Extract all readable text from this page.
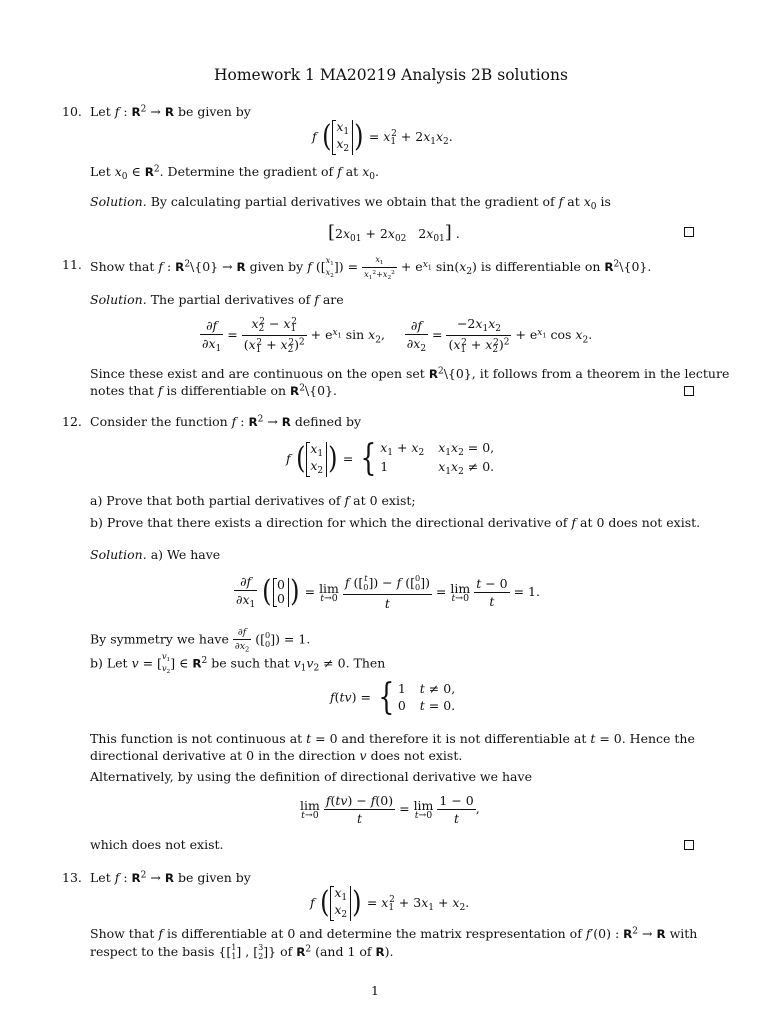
Homework 1 MA20219 Analysis 2B solutions
10. Let f : $R^2 \to R$ be given by
f ( $x_1$
$x_2$ ) = $x_1^2 + 2x_1x_2$.
Let $x_0$ ∈ $R^2$. Determine the gradient of f at $x_0$.
Solution. By calculating partial derivatives we obtain that the gradient of f at $x_0$ is
[$2x_{01} + 2x_{02}$   $2x_{01}$] .
11. Show that f : $R^2\backslash\{0\} \to R$ given by f ([ $x_1$
$x_2$
]) = $\frac{x_1}{x_1^2+x_2^2} + e^{x_1}$ $\sin(x_2)$ is differentiable on $R^2\backslash\{0\}$.
Solution. The partial derivatives of f are
$\frac{\partial f}{\partial x_1} = \frac{x_2^2 - x_1^2}{(x_1^2 + x_2^2)^2} + e^{x_1}$ $\sin x_2$, $\frac{\partial f}{\partial x_2} = \frac{-2x_1x_2}{(x_1^2 + x_2^2)^2} + e^{x_1}$ $\cos x_2$.
Since these exist and are continuous on the open set $R^2\backslash\{0\}$, it follows from a theorem in the lecture
notes that f is differentiable on $R^2\backslash\{0\}$.
12. Consider the function f : $R^2 \to R$ defined by
f ( $x_1$
$x_2$ ) = { $x_1 + x_2$ $x_1x_2 = 0$,
1	$x_1x_2 \ne 0$.
a) Prove that both partial derivatives of f at 0 exist;
b) Prove that there exists a direction for which the directional derivative of f at 0 does not exist.
Solution. a) We have
$\frac{\partial f}{\partial x_1}$ ( 0
0 ) = lim
t→0
f ([ t
0 ]) − f ([ 0
0 ])
t = lim
t→0
$\frac{t - 0}{t} = 1$.
By symmetry we have $\frac{\partial f}{\partial x_2}$ ([ 0
0 ]) = 1.
b) Let v = [ $v_1$
$v_2$
] ∈ $R^2$ be such that $v_1v_2 \ne 0$. Then
f(tv) = { 1 t ≠ 0,
0 t = 0.
This function is not continuous at t = 0 and therefore it is not differentiable at t = 0. Hence the
directional derivative at 0 in the direction v does not exist.
Alternatively, by using the definition of directional derivative we have
lim
t→0
$\frac{f(tv) - f(0)}{t} = \lim$
t→0
$\frac{1 - 0}{t}$ ,
which does not exist.
13. Let f : $R^2 \to R$ be given by
f ( $x_1$
$x_2$ ) = $x_1^2 + 3x_1 + x_2$.
Show that f is differentiable at 0 and determine the matrix respresentation of f′(0) : $R^2 \to R$ with
respect to the basis {[ 1
1 ] , [ 3
2 ]} of $R^2$ (and 1 of R).
1
